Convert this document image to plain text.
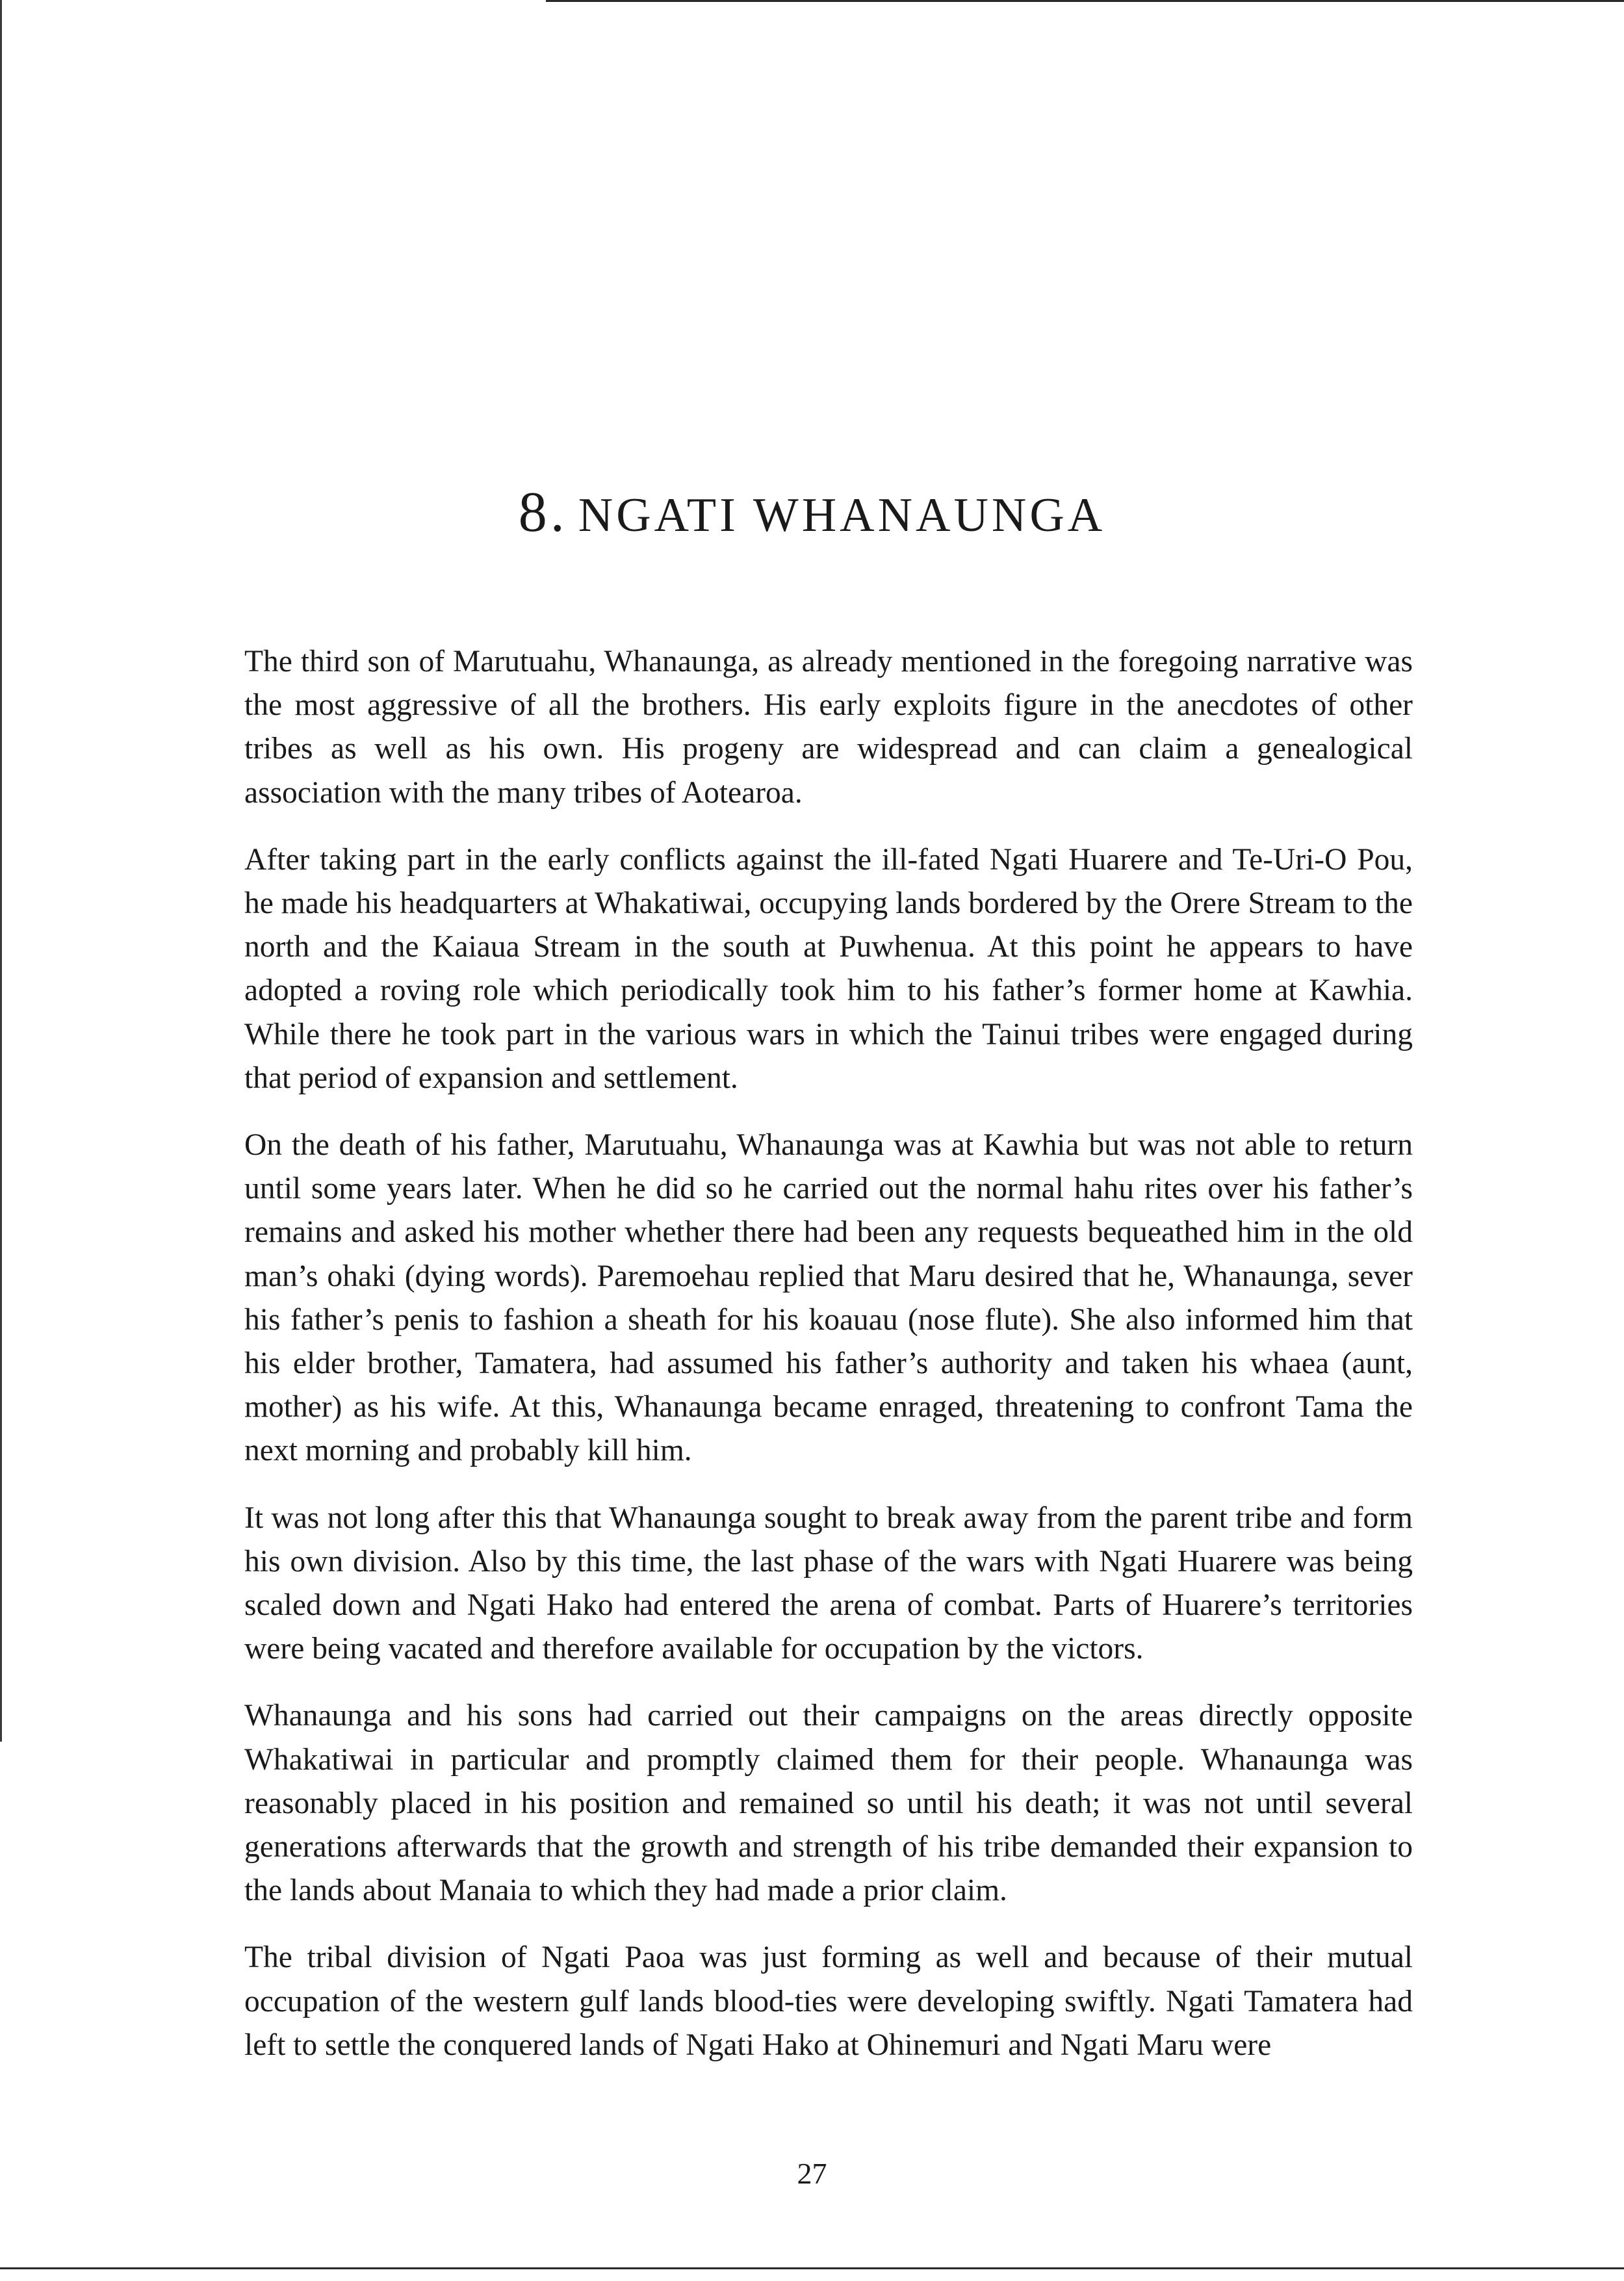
8. NGATI WHANAUNGA

The third son of Marutuahu, Whanaunga, as already mentioned in the foregoing narrative was the most aggressive of all the brothers. His early exploits figure in the anecdotes of other tribes as well as his own. His progeny are widespread and can claim a genealogical association with the many tribes of Aotearoa.

After taking part in the early conflicts against the ill-fated Ngati Huarere and Te-Uri-O Pou, he made his headquarters at Whakatiwai, occupying lands bordered by the Orere Stream to the north and the Kaiaua Stream in the south at Puwhenua. At this point he appears to have adopted a roving role which periodically took him to his father’s former home at Kawhia. While there he took part in the various wars in which the Tainui tribes were engaged during that period of expansion and settlement.

On the death of his father, Marutuahu, Whanaunga was at Kawhia but was not able to return until some years later. When he did so he carried out the normal hahu rites over his father’s remains and asked his mother whether there had been any requests bequeathed him in the old man’s ohaki (dying words). Paremoehau replied that Maru desired that he, Whanaunga, sever his father’s penis to fashion a sheath for his koauau (nose flute). She also informed him that his elder brother, Tamatera, had assumed his father’s authority and taken his whaea (aunt, mother) as his wife. At this, Whanaunga became enraged, threatening to confront Tama the next morning and probably kill him.

It was not long after this that Whanaunga sought to break away from the parent tribe and form his own division. Also by this time, the last phase of the wars with Ngati Huarere was being scaled down and Ngati Hako had entered the arena of combat. Parts of Huarere’s territories were being vacated and therefore available for occupation by the victors.

Whanaunga and his sons had carried out their campaigns on the areas directly opposite Whakatiwai in particular and promptly claimed them for their people. Whanaunga was reasonably placed in his position and remained so until his death; it was not until several generations afterwards that the growth and strength of his tribe demanded their expansion to the lands about Manaia to which they had made a prior claim.

The tribal division of Ngati Paoa was just forming as well and because of their mutual occupation of the western gulf lands blood-ties were developing swiftly. Ngati Tamatera had left to settle the conquered lands of Ngati Hako at Ohinemuri and Ngati Maru were

27
